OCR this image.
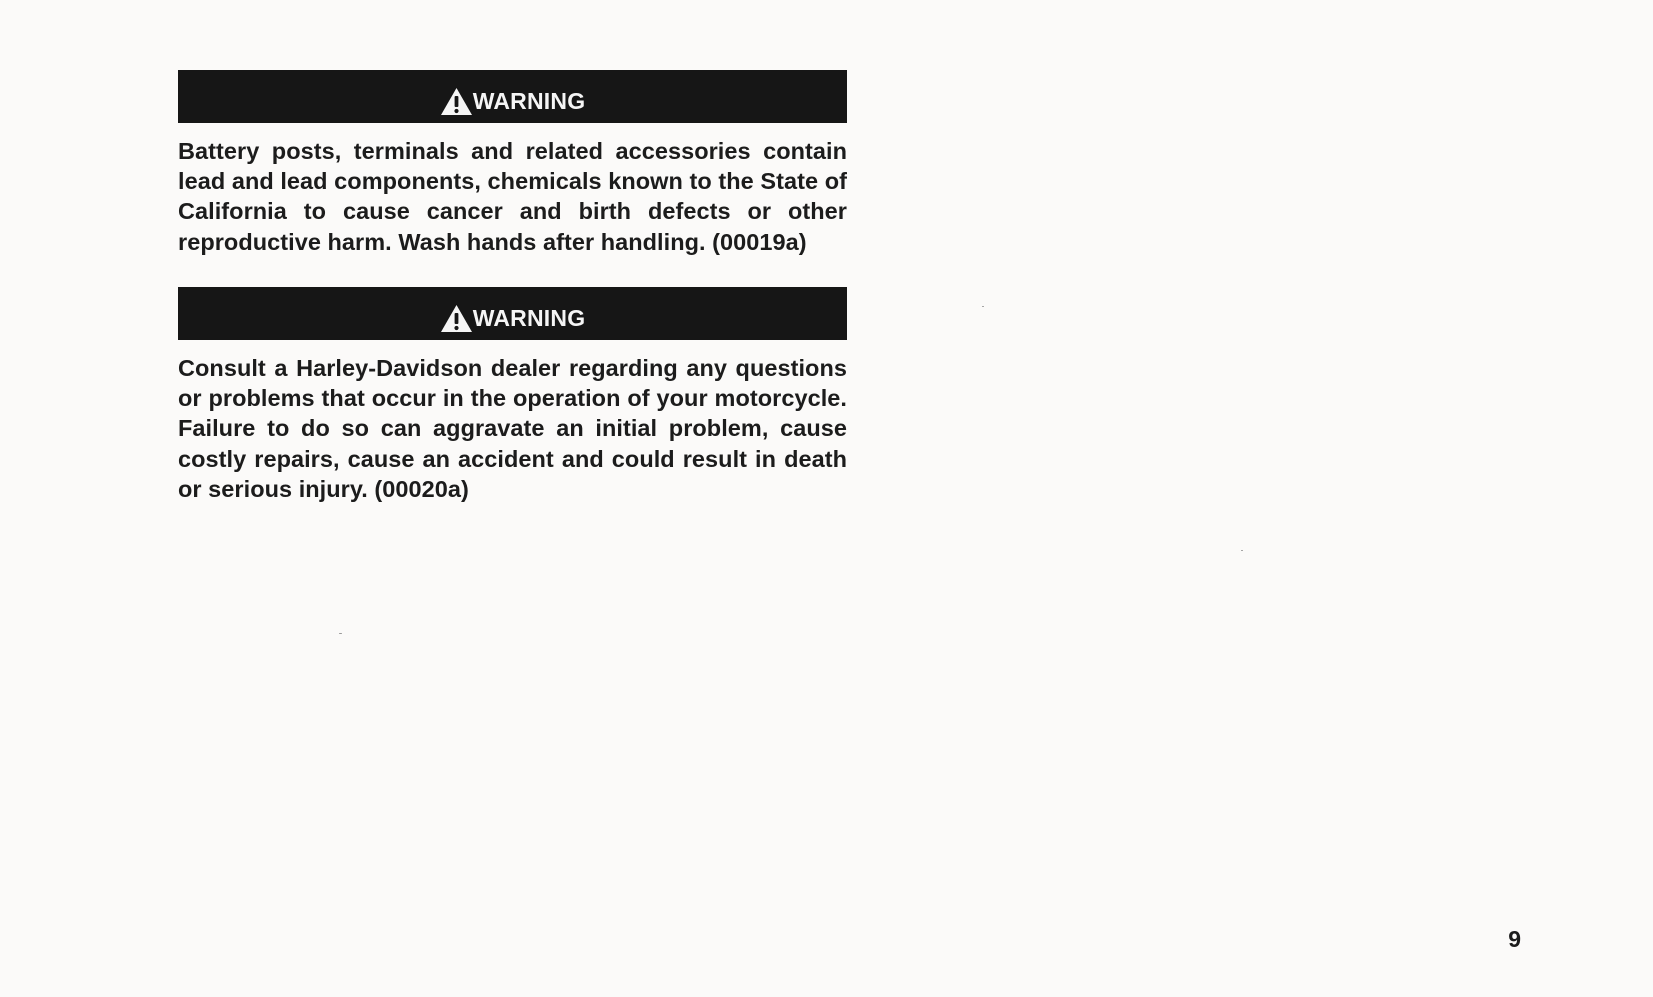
WARNING

Battery posts, terminals and related accessories contain lead and lead components, chemicals known to the State of California to cause cancer and birth defects or other reproductive harm. Wash hands after handling. (00019a)

WARNING

Consult a Harley-Davidson dealer regarding any questions or problems that occur in the operation of your motorcycle. Failure to do so can aggravate an initial problem, cause costly repairs, cause an accident and could result in death or serious injury. (00020a)

9
